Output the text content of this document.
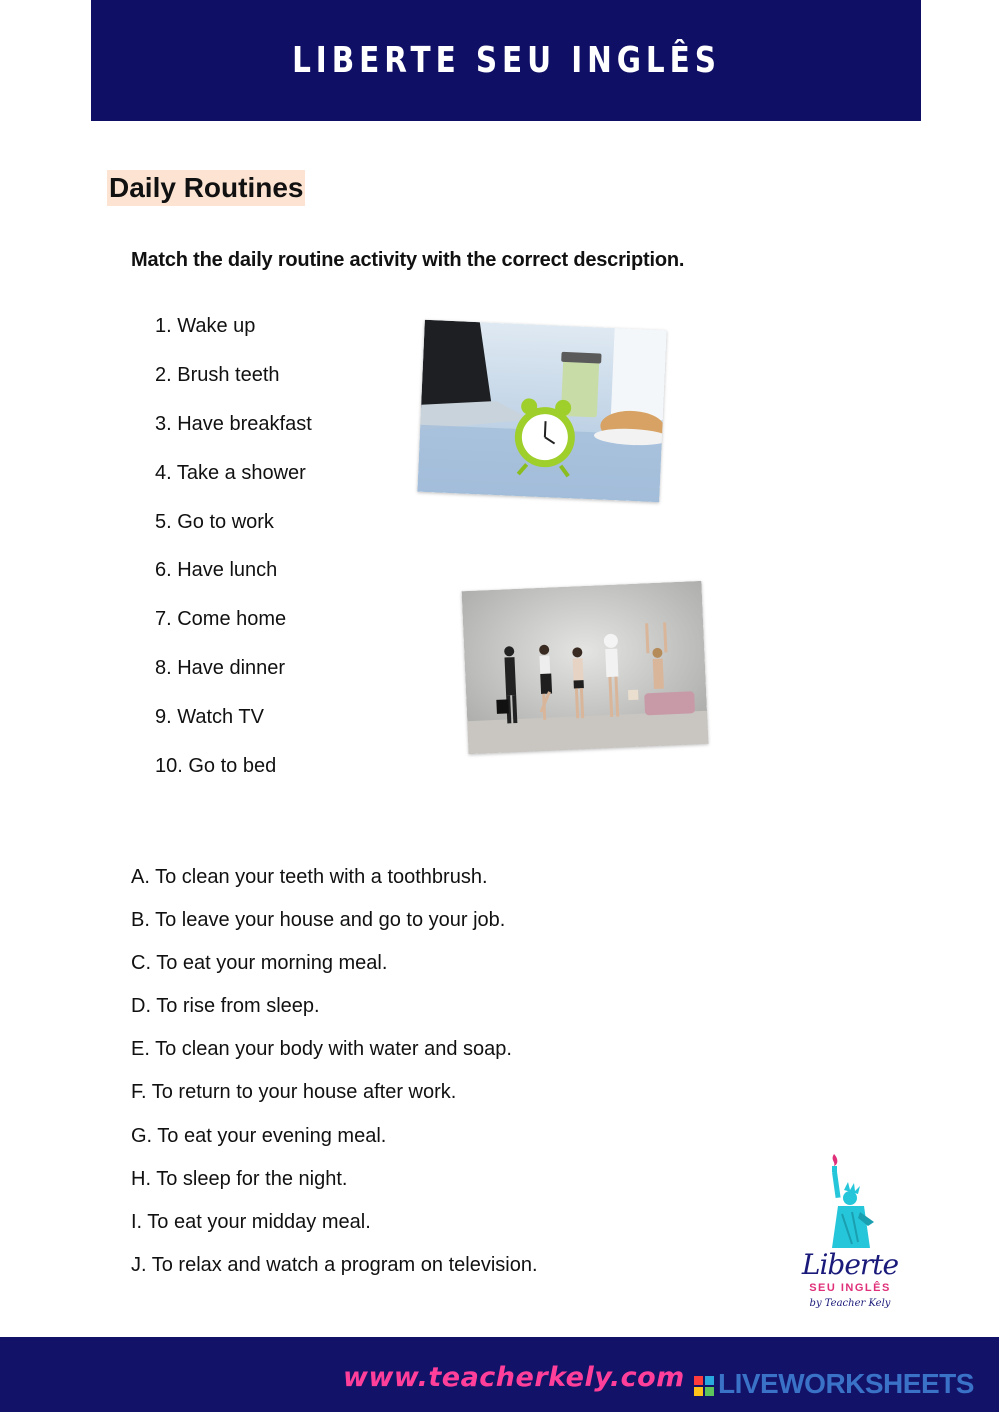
LIBERTE SEU INGLÊS
Daily Routines
Match the daily routine activity with the correct description.
1. Wake up
2. Brush teeth
3. Have breakfast
4. Take a shower
5. Go to work
6. Have lunch
7. Come home
8. Have dinner
9. Watch TV
10. Go to bed
A. To clean your teeth with a toothbrush.
B. To leave your house and go to your job.
C. To eat your morning meal.
D. To rise from sleep.
E. To clean your body with water and soap.
F. To return to your house after work.
G. To eat your evening meal.
H. To sleep for the night.
I. To eat your midday meal.
J. To relax and watch a program on television.	Liberte
SEU INGLÊS
by Teacher Kely
www.teacherkely.com LIVEWORKSHEETS
